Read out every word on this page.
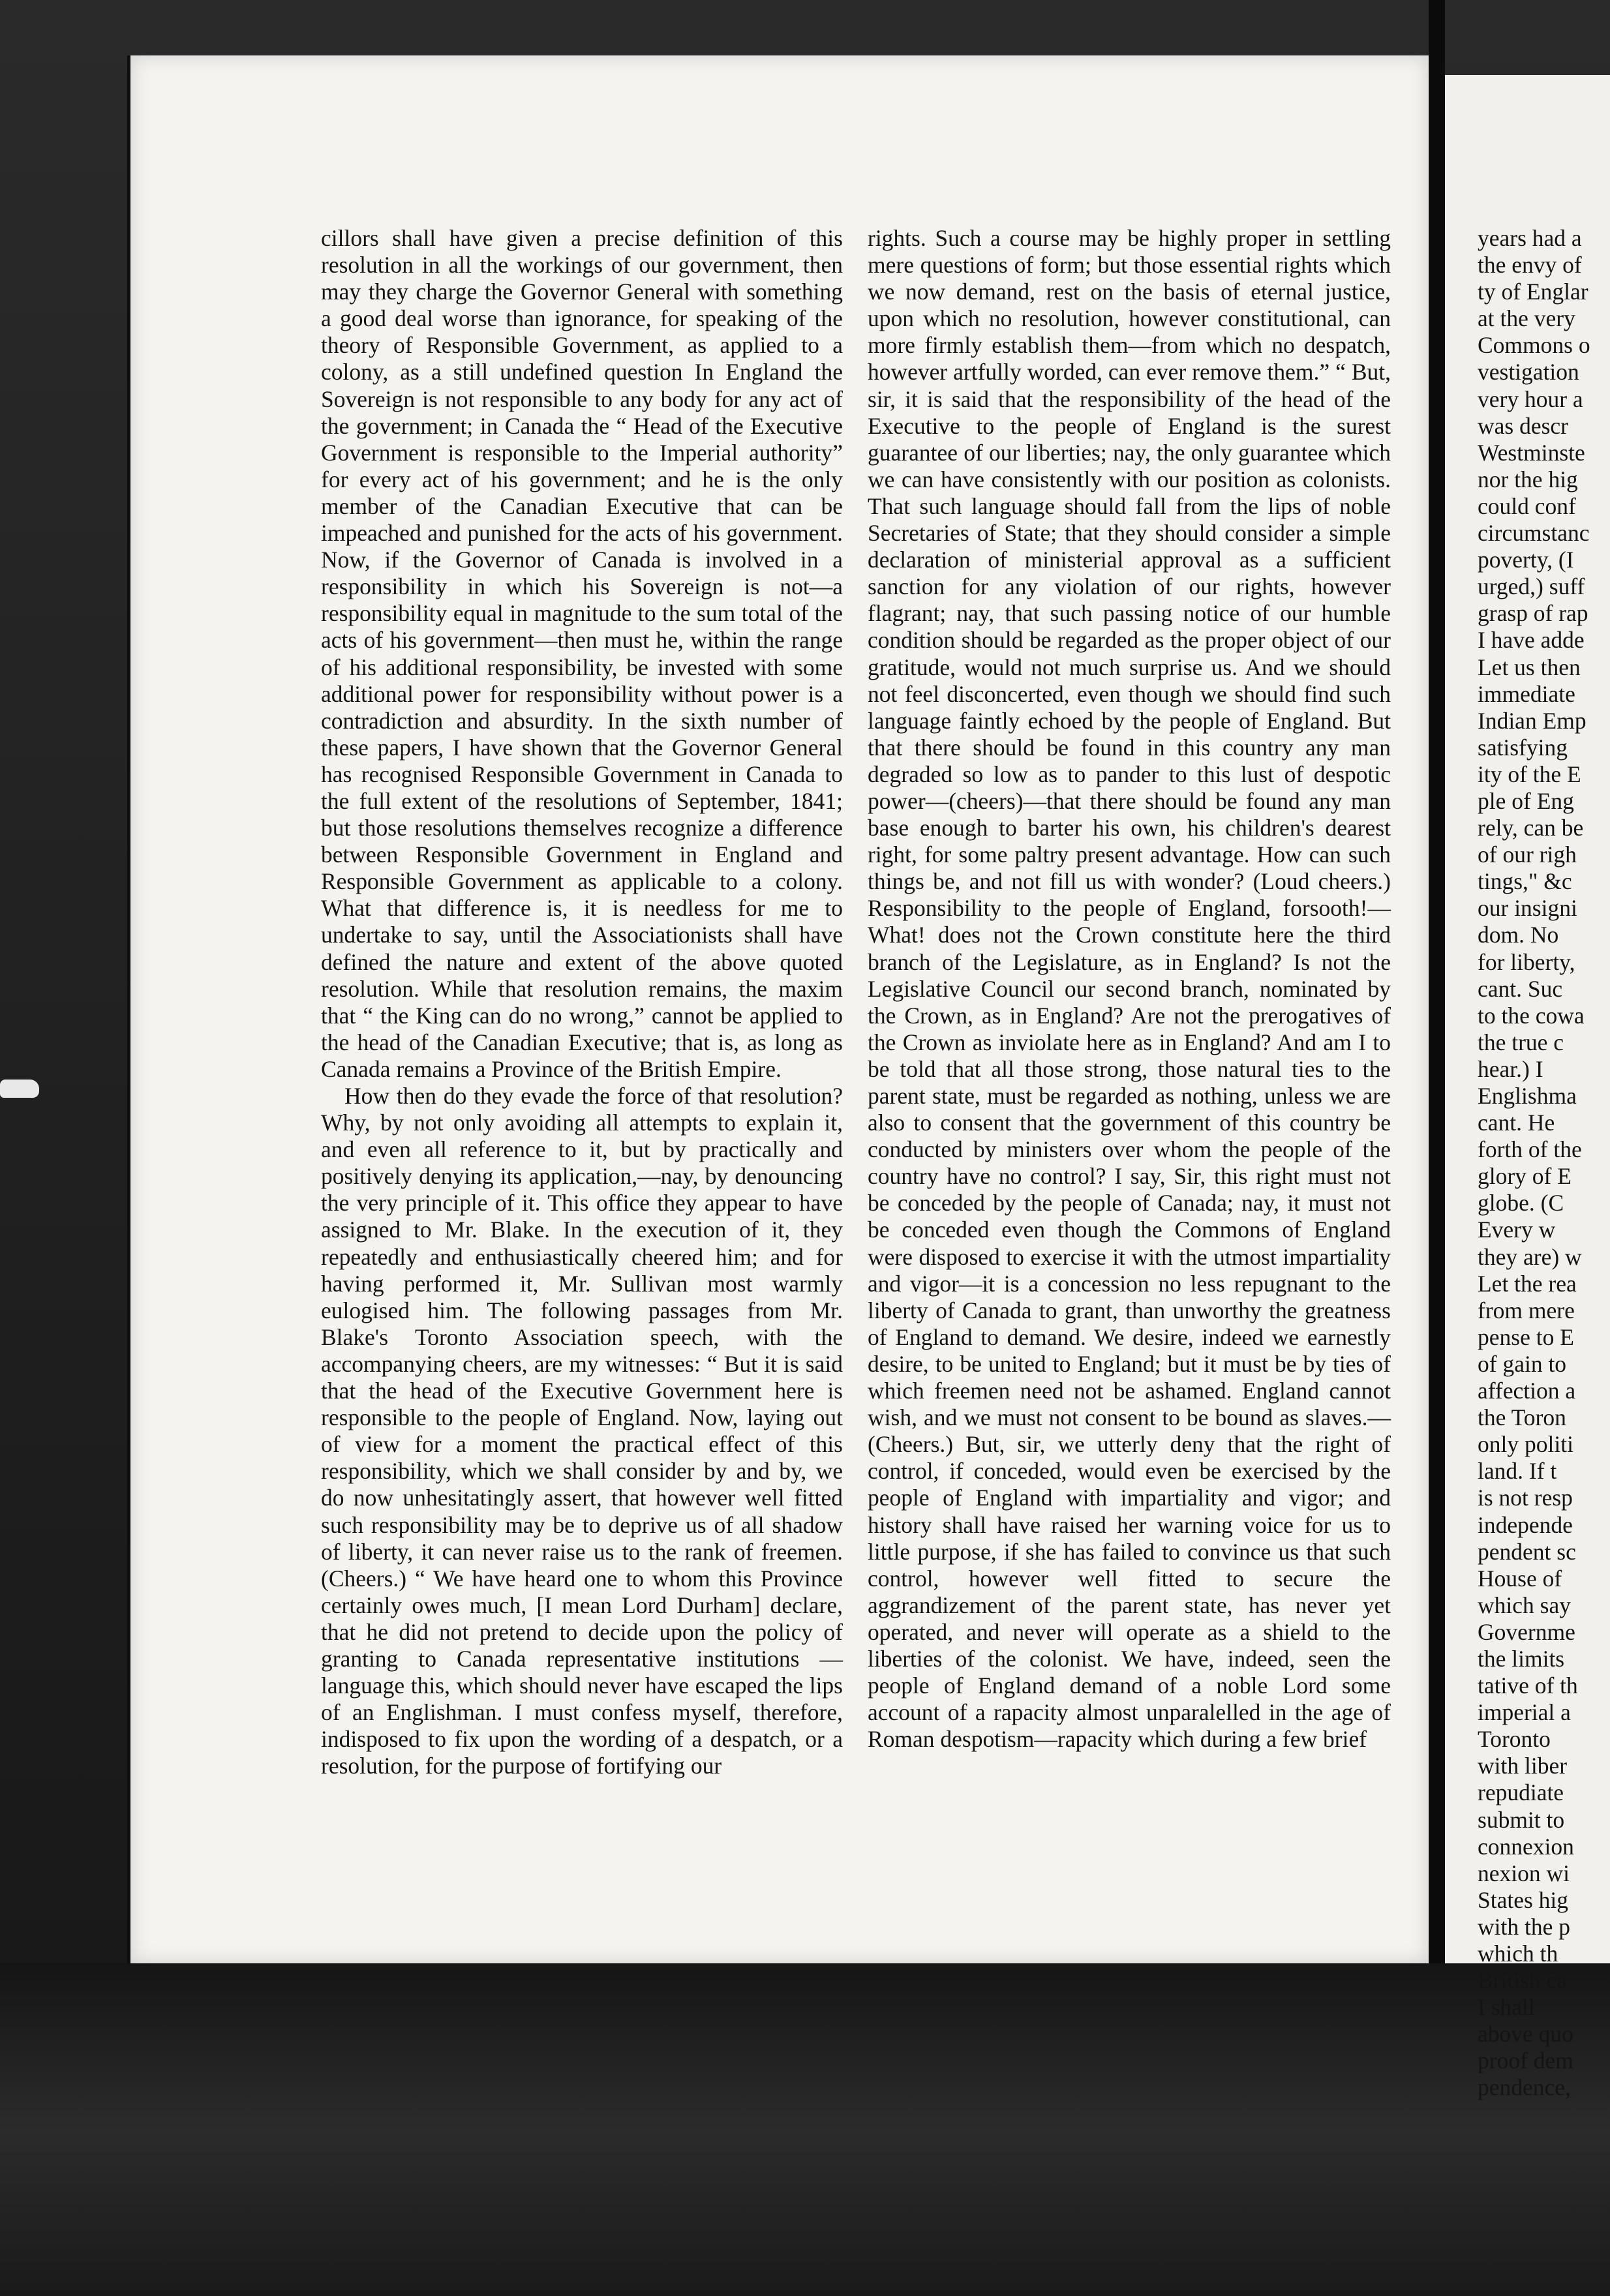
cillors shall have given a precise definition of this resolution in all the workings of our government, then may they charge the Governor General with something a good deal worse than ignorance, for speaking of the theory of Responsible Government, as applied to a colony, as a still undefined question In England the Sovereign is not responsible to any body for any act of the government; in Canada the “ Head of the Executive Government is responsible to the Imperial authority” for every act of his government; and he is the only member of the Canadian Executive that can be impeached and punished for the acts of his government. Now, if the Governor of Canada is involved in a responsibility in which his Sovereign is not—a responsibility equal in magnitude to the sum total of the acts of his government—then must he, within the range of his additional responsibility, be invested with some additional power for responsibility without power is a contradiction and absurdity. In the sixth number of these papers, I have shown that the Governor General has recognised Responsible Government in Canada to the full extent of the resolutions of September, 1841; but those resolutions themselves recognize a difference between Responsible Government in England and Responsible Government as applicable to a colony. What that difference is, it is needless for me to undertake to say, until the Associationists shall have defined the nature and extent of the above quoted resolution. While that resolution remains, the maxim that “ the King can do no wrong,” cannot be applied to the head of the Canadian Executive; that is, as long as Canada remains a Province of the British Empire.

How then do they evade the force of that resolution? Why, by not only avoiding all attempts to explain it, and even all reference to it, but by practically and positively denying its application,—nay, by denouncing the very principle of it. This office they appear to have assigned to Mr. Blake. In the execution of it, they repeatedly and enthusiastically cheered him; and for having performed it, Mr. Sullivan most warmly eulogised him. The following passages from Mr. Blake's Toronto Association speech, with the accompanying cheers, are my witnesses: “ But it is said that the head of the Executive Government here is responsible to the people of England. Now, laying out of view for a moment the practical effect of this responsibility, which we shall consider by and by, we do now unhesitatingly assert, that however well fitted such responsibility may be to deprive us of all shadow of liberty, it can never raise us to the rank of freemen. (Cheers.) “ We have heard one to whom this Province certainly owes much, [I mean Lord Durham] declare, that he did not pretend to decide upon the policy of granting to Canada representative institutions —language this, which should never have escaped the lips of an Englishman. I must confess myself, therefore, indisposed to fix upon the wording of a despatch, or a resolution, for the purpose of fortifying our

rights. Such a course may be highly proper in settling mere questions of form; but those essential rights which we now demand, rest on the basis of eternal justice, upon which no resolution, however constitutional, can more firmly establish them—from which no despatch, however artfully worded, can ever remove them.” “ But, sir, it is said that the responsibility of the head of the Executive to the people of England is the surest guarantee of our liberties; nay, the only guarantee which we can have consistently with our position as colonists. That such language should fall from the lips of noble Secretaries of State; that they should consider a simple declaration of ministerial approval as a sufficient sanction for any violation of our rights, however flagrant; nay, that such passing notice of our humble condition should be regarded as the proper object of our gratitude, would not much surprise us. And we should not feel disconcerted, even though we should find such language faintly echoed by the people of England. But that there should be found in this country any man degraded so low as to pander to this lust of despotic power—(cheers)—that there should be found any man base enough to barter his own, his children's dearest right, for some paltry present advantage. How can such things be, and not fill us with wonder? (Loud cheers.) Responsibility to the people of England, forsooth!—What! does not the Crown constitute here the third branch of the Legislature, as in England? Is not the Legislative Council our second branch, nominated by the Crown, as in England? Are not the prerogatives of the Crown as inviolate here as in England? And am I to be told that all those strong, those natural ties to the parent state, must be regarded as nothing, unless we are also to consent that the government of this country be conducted by ministers over whom the people of the country have no control? I say, Sir, this right must not be conceded by the people of Canada; nay, it must not be conceded even though the Commons of England were disposed to exercise it with the utmost impartiality and vigor—it is a concession no less repugnant to the liberty of Canada to grant, than unworthy the greatness of England to demand. We desire, indeed we earnestly desire, to be united to England; but it must be by ties of which freemen need not be ashamed. England cannot wish, and we must not consent to be bound as slaves.—(Cheers.) But, sir, we utterly deny that the right of control, if conceded, would even be exercised by the people of England with impartiality and vigor; and history shall have raised her warning voice for us to little purpose, if she has failed to convince us that such control, however well fitted to secure the aggrandizement of the parent state, has never yet operated, and never will operate as a shield to the liberties of the colonist. We have, indeed, seen the people of England demand of a noble Lord some account of a rapacity almost unparalelled in the age of Roman despotism—rapacity which during a few brief

years had a
the envy of
ty of Englar
at the very
Commons o
vestigation
very hour a
was descr
Westminste
nor the hig
could conf
circumstanc
poverty, (I
urged,) suff
grasp of rap
I have adde
Let us then
immediate
Indian Emp
satisfying
ity of the E
ple of Eng
rely, can be
of our righ
tings," &c
our insigni
dom. No
for liberty,
cant. Suc
to the cowa
the true c
hear.) I
Englishma
cant. He
forth of the
glory of E
globe. (C
Every w
they are) w
Let the rea
from mere
pense to E
of gain to
affection a
the Toron
only politi
land. If t
is not resp
independe
pendent sc
House of
which say
Governme
the limits
tative of th
imperial a
Toronto
with liber
repudiate
submit to
connexion
nexion wi
States hig
with the p
which th
British ca
I shall
above quo
proof dem
pendence,
